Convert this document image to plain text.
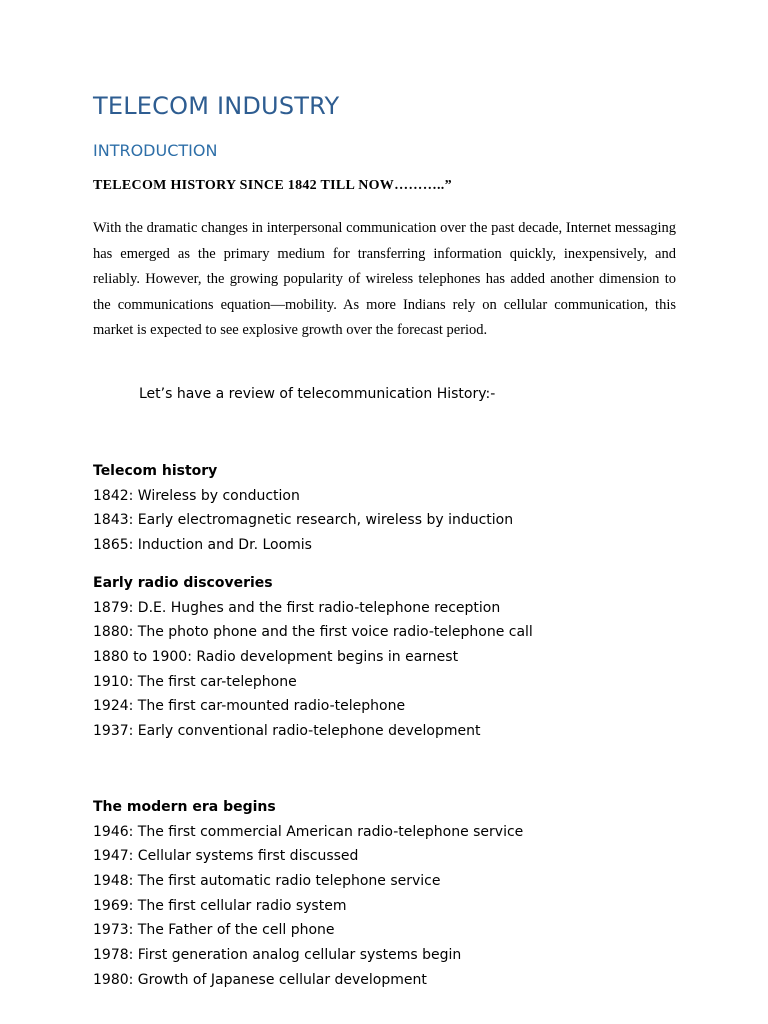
TELECOM INDUSTRY
INTRODUCTION

TELECOM HISTORY SINCE 1842 TILL NOW………..”

With the dramatic changes in interpersonal communication over the past decade, Internet messaging has emerged as the primary medium for transferring information quickly, inexpensively, and reliably. However, the growing popularity of wireless telephones has added another dimension to the communications equation—mobility. As more Indians rely on cellular communication, this market is expected to see explosive growth over the forecast period.

Let’s have a review of telecommunication History:-

Telecom history

1842: Wireless by conduction

1843: Early electromagnetic research, wireless by induction

1865: Induction and Dr. Loomis

Early radio discoveries

1879: D.E. Hughes and the first radio-telephone reception

1880: The photo phone and the first voice radio-telephone call

1880 to 1900: Radio development begins in earnest

1910: The first car-telephone

1924: The first car-mounted radio-telephone

1937: Early conventional radio-telephone development

The modern era begins

1946: The first commercial American radio-telephone service

1947: Cellular systems first discussed

1948: The first automatic radio telephone service

1969: The first cellular radio system

1973: The Father of the cell phone

1978: First generation analog cellular systems begin

1980: Growth of Japanese cellular development
